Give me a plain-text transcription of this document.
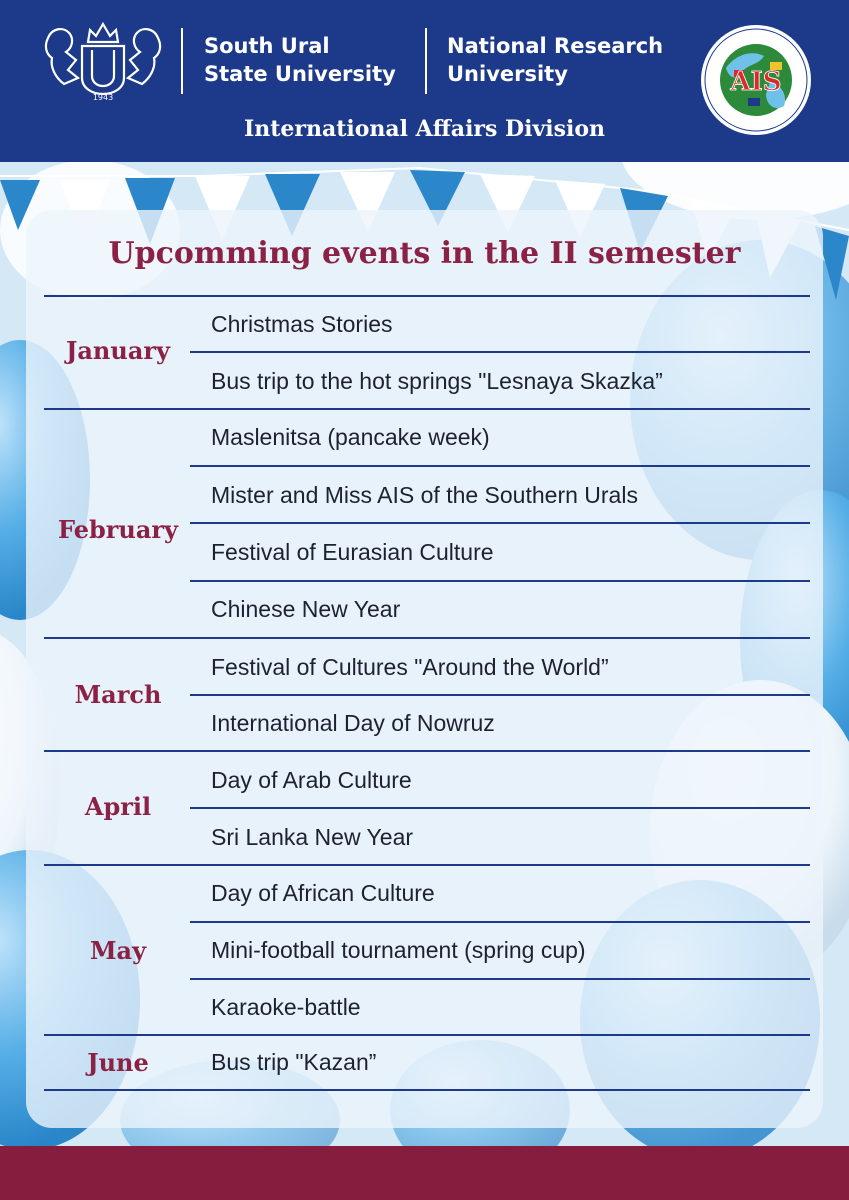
1943
South Ural
State University
National Research
University	AIS
International Affairs Division
Upcomming events in the II semester
January
Christmas Stories
Bus trip to the hot springs "Lesnaya Skazka”
February
Maslenitsa (pancake week)
Mister and Miss AIS of the Southern Urals
Festival of Eurasian Culture
Chinese New Year
March
Festival of Cultures "Around the World”
International Day of Nowruz
April
Day of Arab Culture
Sri Lanka New Year
May
Day of African Culture
Mini-football tournament (spring cup)
Karaoke-battle
June	Bus trip "Kazan”
